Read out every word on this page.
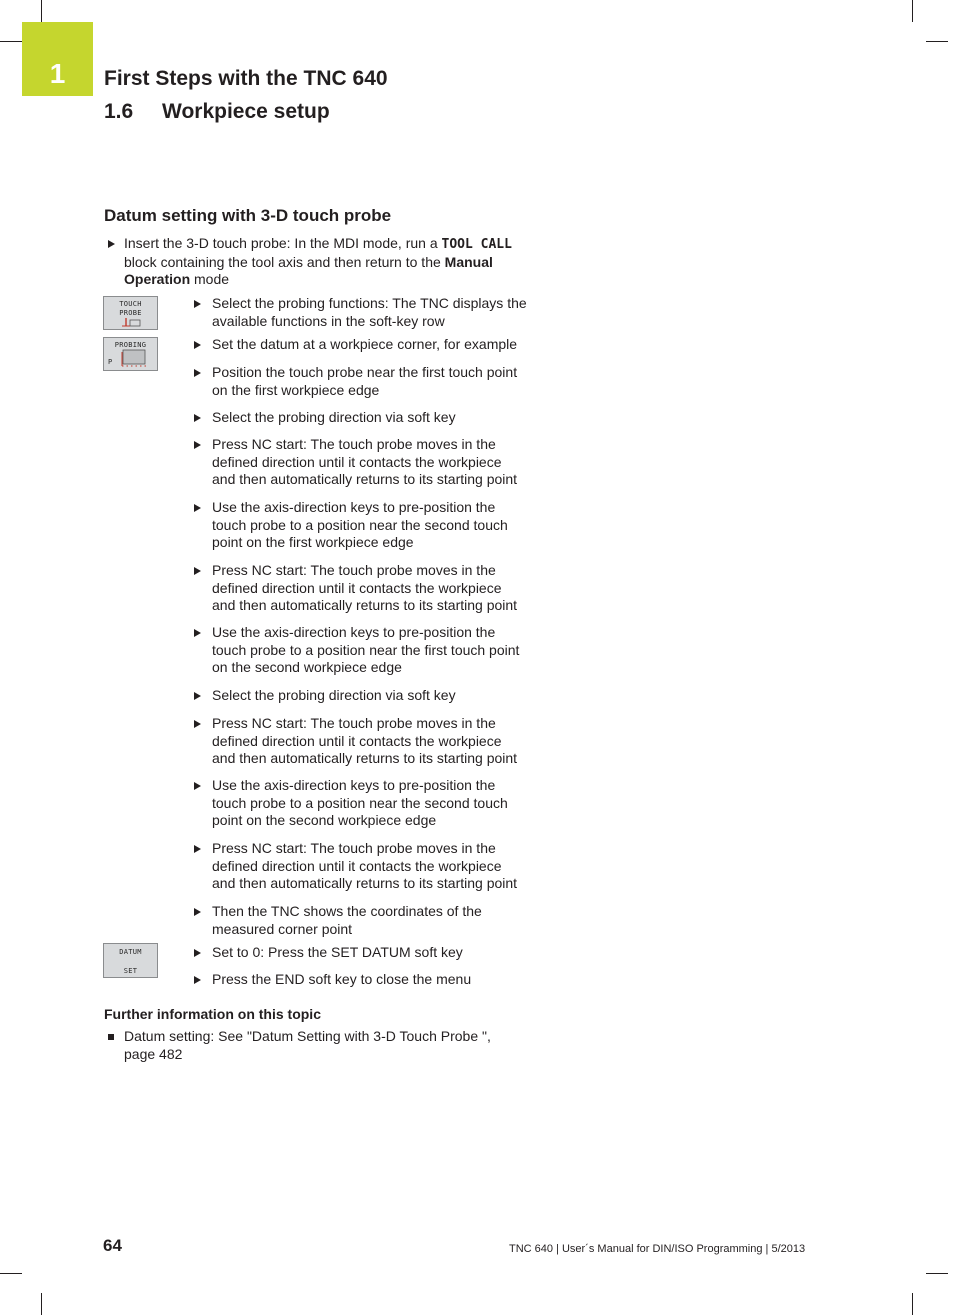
1	First Steps with the TNC 640
1.6 Workpiece setup
Datum setting with 3-D touch probe
Insert the 3-D touch probe: In the MDI mode, run a TOOL CALL
block containing the tool axis and then return to the Manual
Operation mode
TOUCH
PROBE
PROBING
P
DATUM
SET
Select the probing functions: The TNC displays the
available functions in the soft-key row
Set the datum at a workpiece corner, for example
Position the touch probe near the first touch point
on the first workpiece edge
Select the probing direction via soft key
Press NC start: The touch probe moves in the
defined direction until it contacts the workpiece
and then automatically returns to its starting point
Use the axis-direction keys to pre-position the
touch probe to a position near the second touch
point on the first workpiece edge
Press NC start: The touch probe moves in the
defined direction until it contacts the workpiece
and then automatically returns to its starting point
Use the axis-direction keys to pre-position the
touch probe to a position near the first touch point
on the second workpiece edge
Select the probing direction via soft key
Press NC start: The touch probe moves in the
defined direction until it contacts the workpiece
and then automatically returns to its starting point
Use the axis-direction keys to pre-position the
touch probe to a position near the second touch
point on the second workpiece edge
Press NC start: The touch probe moves in the
defined direction until it contacts the workpiece
and then automatically returns to its starting point
Then the TNC shows the coordinates of the
measured corner point
Set to 0: Press the SET DATUM soft key
Press the END soft key to close the menu
Further information on this topic
Datum setting: See "Datum Setting with 3-D Touch Probe ",
page 482
64	TNC 640 | User´s Manual for DIN/ISO Programming | 5/2013
